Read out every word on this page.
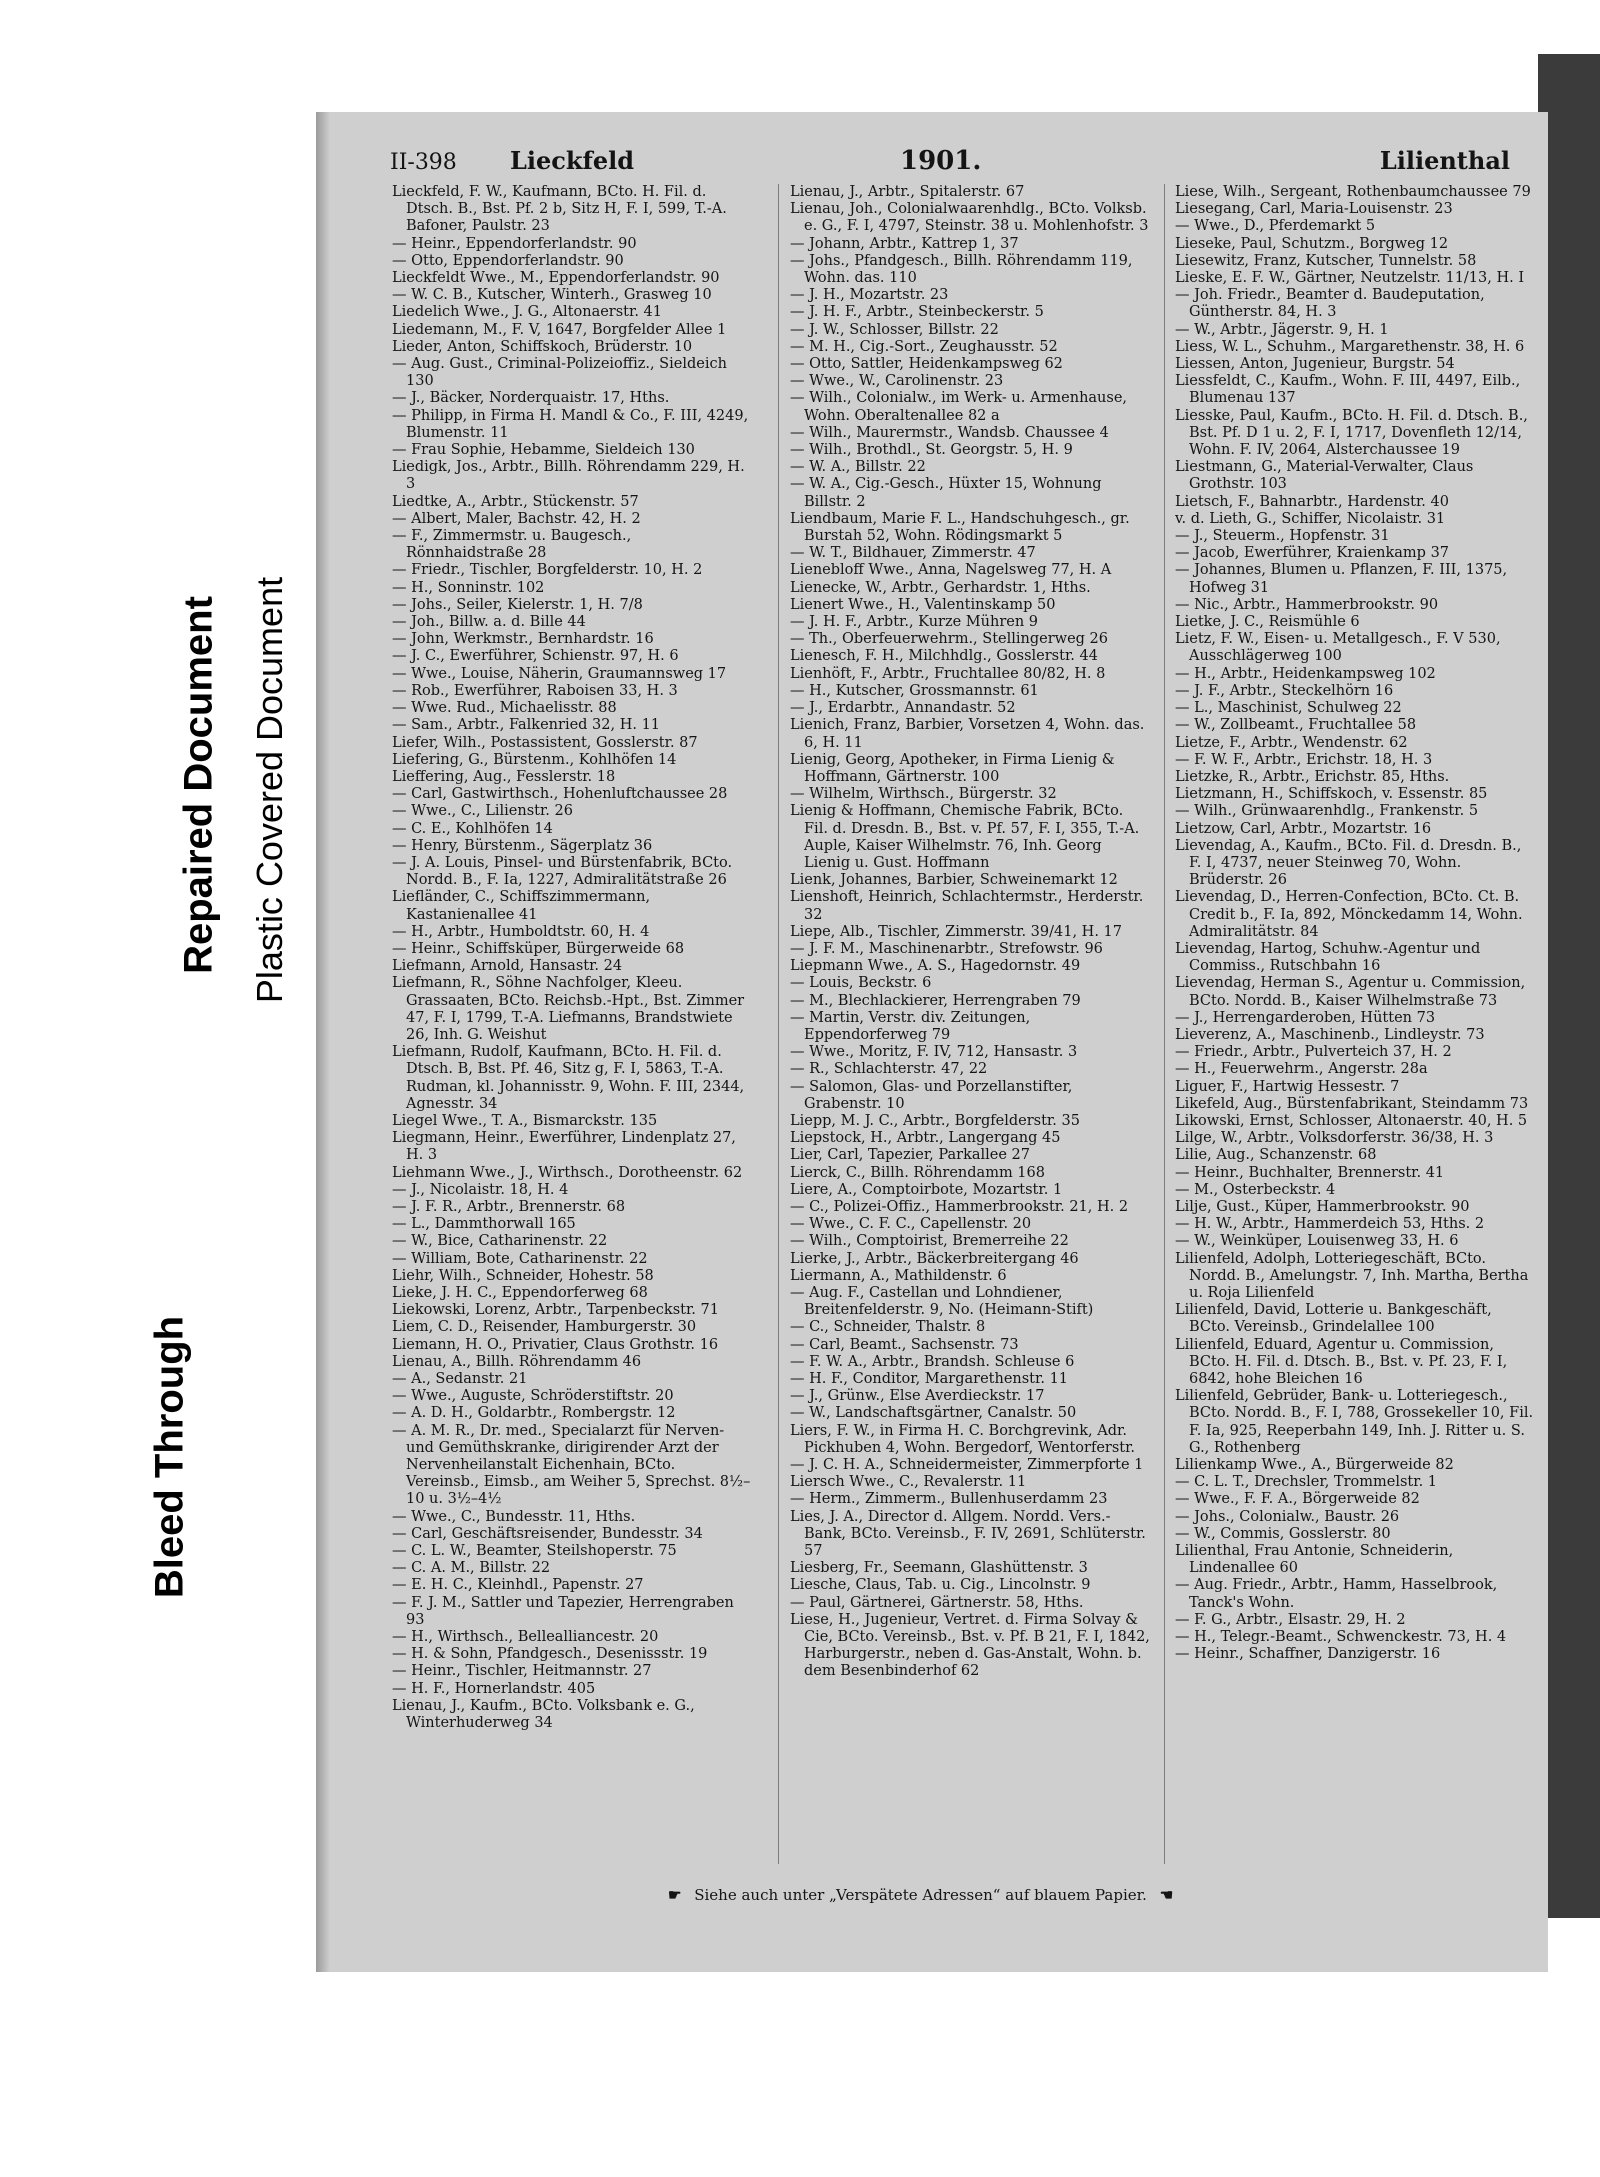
Bleed Through
Repaired Document Plastic Covered Document
II-398 Lieckfeld	1901.	Lilienthal

Lieckfeld, F. W., Kaufmann, BCto. H. Fil. d. Dtsch. B., Bst. Pf. 2 b, Sitz H, F. I, 599, T.-A. Bafoner, Paulstr. 23

— Heinr., Eppendorferlandstr. 90

— Otto, Eppendorferlandstr. 90

Lieckfeldt Wwe., M., Eppendorferlandstr. 90

— W. C. B., Kutscher, Winterh., Grasweg 10

Liedelich Wwe., J. G., Altonaerstr. 41

Liedemann, M., F. V, 1647, Borgfelder Allee 1

Lieder, Anton, Schiffskoch, Brüderstr. 10

— Aug. Gust., Criminal-Polizeioffiz., Sieldeich 130

— J., Bäcker, Norderquaistr. 17, Hths.

— Philipp, in Firma H. Mandl & Co., F. III, 4249, Blumenstr. 11

— Frau Sophie, Hebamme, Sieldeich 130

Liedigk, Jos., Arbtr., Billh. Röhrendamm 229, H. 3

Liedtke, A., Arbtr., Stückenstr. 57

— Albert, Maler, Bachstr. 42, H. 2

— F., Zimmermstr. u. Baugesch., Rönnhaidstraße 28

— Friedr., Tischler, Borgfelderstr. 10, H. 2

— H., Sonninstr. 102

— Johs., Seiler, Kielerstr. 1, H. 7/8

— Joh., Billw. a. d. Bille 44

— John, Werkmstr., Bernhardstr. 16

— J. C., Ewerführer, Schienstr. 97, H. 6

— Wwe., Louise, Näherin, Graumannsweg 17

— Rob., Ewerführer, Raboisen 33, H. 3

— Wwe. Rud., Michaelisstr. 88

— Sam., Arbtr., Falkenried 32, H. 11

Liefer, Wilh., Postassistent, Gosslerstr. 87

Liefering, G., Bürstenm., Kohlhöfen 14

Lieffering, Aug., Fesslerstr. 18

— Carl, Gastwirthsch., Hohenluftchaussee 28

— Wwe., C., Lilienstr. 26

— C. E., Kohlhöfen 14

— Henry, Bürstenm., Sägerplatz 36

— J. A. Louis, Pinsel- und Bürstenfabrik, BCto. Nordd. B., F. Ia, 1227, Admiralitätstraße 26

Liefländer, C., Schiffszimmermann, Kastanienallee 41

— H., Arbtr., Humboldtstr. 60, H. 4

— Heinr., Schiffsküper, Bürgerweide 68

Liefmann, Arnold, Hansastr. 24

Liefmann, R., Söhne Nachfolger, Kleeu. Grassaaten, BCto. Reichsb.-Hpt., Bst. Zimmer 47, F. I, 1799, T.-A. Liefmanns, Brandstwiete 26, Inh. G. Weishut

Liefmann, Rudolf, Kaufmann, BCto. H. Fil. d. Dtsch. B, Bst. Pf. 46, Sitz g, F. I, 5863, T.-A. Rudman, kl. Johannisstr. 9, Wohn. F. III, 2344, Agnesstr. 34

Liegel Wwe., T. A., Bismarckstr. 135

Liegmann, Heinr., Ewerführer, Lindenplatz 27, H. 3

Liehmann Wwe., J., Wirthsch., Dorotheenstr. 62

— J., Nicolaistr. 18, H. 4

— J. F. R., Arbtr., Brennerstr. 68

— L., Dammthorwall 165

— W., Bice, Catharinenstr. 22

— William, Bote, Catharinenstr. 22

Liehr, Wilh., Schneider, Hohestr. 58

Lieke, J. H. C., Eppendorferweg 68

Liekowski, Lorenz, Arbtr., Tarpenbeckstr. 71

Liem, C. D., Reisender, Hamburgerstr. 30

Liemann, H. O., Privatier, Claus Grothstr. 16

Lienau, A., Billh. Röhrendamm 46

— A., Sedanstr. 21

— Wwe., Auguste, Schröderstiftstr. 20

— A. D. H., Goldarbtr., Rombergstr. 12

— A. M. R., Dr. med., Specialarzt für Nerven- und Gemüthskranke, dirigirender Arzt der Nervenheilanstalt Eichenhain, BCto. Vereinsb., Eimsb., am Weiher 5, Sprechst. 8½–10 u. 3½–4½

— Wwe., C., Bundesstr. 11, Hths.

— Carl, Geschäftsreisender, Bundesstr. 34

— C. L. W., Beamter, Steilshoperstr. 75

— C. A. M., Billstr. 22

— E. H. C., Kleinhdl., Papenstr. 27

— F. J. M., Sattler und Tapezier, Herrengraben 93

— H., Wirthsch., Bellealliancestr. 20

— H. & Sohn, Pfandgesch., Desenissstr. 19

— Heinr., Tischler, Heitmannstr. 27

— H. F., Hornerlandstr. 405

Lienau, J., Kaufm., BCto. Volksbank e. G., Winterhuderweg 34

Lienau, J., Arbtr., Spitalerstr. 67

Lienau, Joh., Colonialwaarenhdlg., BCto. Volksb. e. G., F. I, 4797, Steinstr. 38 u. Mohlenhofstr. 3

— Johann, Arbtr., Kattrep 1, 37

— Johs., Pfandgesch., Billh. Röhrendamm 119, Wohn. das. 110

— J. H., Mozartstr. 23

— J. H. F., Arbtr., Steinbeckerstr. 5

— J. W., Schlosser, Billstr. 22

— M. H., Cig.-Sort., Zeughausstr. 52

— Otto, Sattler, Heidenkampsweg 62

— Wwe., W., Carolinenstr. 23

— Wilh., Colonialw., im Werk- u. Armenhause, Wohn. Oberaltenallee 82 a

— Wilh., Maurermstr., Wandsb. Chaussee 4

— Wilh., Brothdl., St. Georgstr. 5, H. 9

— W. A., Billstr. 22

— W. A., Cig.-Gesch., Hüxter 15, Wohnung Billstr. 2

Liendbaum, Marie F. L., Handschuhgesch., gr. Burstah 52, Wohn. Rödingsmarkt 5

— W. T., Bildhauer, Zimmerstr. 47

Lienebloff Wwe., Anna, Nagelsweg 77, H. A

Lienecke, W., Arbtr., Gerhardstr. 1, Hths.

Lienert Wwe., H., Valentinskamp 50

— J. H. F., Arbtr., Kurze Mühren 9

— Th., Oberfeuerwehrm., Stellingerweg 26

Lienesch, F. H., Milchhdlg., Gosslerstr. 44

Lienhöft, F., Arbtr., Fruchtallee 80/82, H. 8

— H., Kutscher, Grossmannstr. 61

— J., Erdarbtr., Annandastr. 52

Lienich, Franz, Barbier, Vorsetzen 4, Wohn. das. 6, H. 11

Lienig, Georg, Apotheker, in Firma Lienig & Hoffmann, Gärtnerstr. 100

— Wilhelm, Wirthsch., Bürgerstr. 32

Lienig & Hoffmann, Chemische Fabrik, BCto. Fil. d. Dresdn. B., Bst. v. Pf. 57, F. I, 355, T.-A. Auple, Kaiser Wilhelmstr. 76, Inh. Georg Lienig u. Gust. Hoffmann

Lienk, Johannes, Barbier, Schweinemarkt 12

Lienshoft, Heinrich, Schlachtermstr., Herderstr. 32

Liepe, Alb., Tischler, Zimmerstr. 39/41, H. 17

— J. F. M., Maschinenarbtr., Strefowstr. 96

Liepmann Wwe., A. S., Hagedornstr. 49

— Louis, Beckstr. 6

— M., Blechlackierer, Herrengraben 79

— Martin, Verstr. div. Zeitungen, Eppendorferweg 79

— Wwe., Moritz, F. IV, 712, Hansastr. 3

— R., Schlachterstr. 47, 22

— Salomon, Glas- und Porzellanstifter, Grabenstr. 10

Liepp, M. J. C., Arbtr., Borgfelderstr. 35

Liepstock, H., Arbtr., Langergang 45

Lier, Carl, Tapezier, Parkallee 27

Lierck, C., Billh. Röhrendamm 168

Liere, A., Comptoirbote, Mozartstr. 1

— C., Polizei-Offiz., Hammerbrookstr. 21, H. 2

— Wwe., C. F. C., Capellenstr. 20

— Wilh., Comptoirist, Bremerreihe 22

Lierke, J., Arbtr., Bäckerbreitergang 46

Liermann, A., Mathildenstr. 6

— Aug. F., Castellan und Lohndiener, Breitenfelderstr. 9, No. (Heimann-Stift)

— C., Schneider, Thalstr. 8

— Carl, Beamt., Sachsenstr. 73

— F. W. A., Arbtr., Brandsh. Schleuse 6

— H. F., Conditor, Margarethenstr. 11

— J., Grünw., Else Averdieckstr. 17

— W., Landschaftsgärtner, Canalstr. 50

Liers, F. W., in Firma H. C. Borchgrevink, Adr. Pickhuben 4, Wohn. Bergedorf, Wentorferstr.

— J. C. H. A., Schneidermeister, Zimmerpforte 1

Liersch Wwe., C., Revalerstr. 11

— Herm., Zimmerm., Bullenhuserdamm 23

Lies, J. A., Director d. Allgem. Nordd. Vers.-Bank, BCto. Vereinsb., F. IV, 2691, Schlüterstr. 57

Liesberg, Fr., Seemann, Glashüttenstr. 3

Liesche, Claus, Tab. u. Cig., Lincolnstr. 9

— Paul, Gärtnerei, Gärtnerstr. 58, Hths.

Liese, H., Jugenieur, Vertret. d. Firma Solvay & Cie, BCto. Vereinsb., Bst. v. Pf. B 21, F. I, 1842, Harburgerstr., neben d. Gas-Anstalt, Wohn. b. dem Besenbinderhof 62

Liese, Wilh., Sergeant, Rothenbaumchaussee 79

Liesegang, Carl, Maria-Louisenstr. 23

— Wwe., D., Pferdemarkt 5

Lieseke, Paul, Schutzm., Borgweg 12

Liesewitz, Franz, Kutscher, Tunnelstr. 58

Lieske, E. F. W., Gärtner, Neutzelstr. 11/13, H. I

— Joh. Friedr., Beamter d. Baudeputation, Güntherstr. 84, H. 3

— W., Arbtr., Jägerstr. 9, H. 1

Liess, W. L., Schuhm., Margarethenstr. 38, H. 6

Liessen, Anton, Jugenieur, Burgstr. 54

Liessfeldt, C., Kaufm., Wohn. F. III, 4497, Eilb., Blumenau 137

Liesske, Paul, Kaufm., BCto. H. Fil. d. Dtsch. B., Bst. Pf. D 1 u. 2, F. I, 1717, Dovenfleth 12/14, Wohn. F. IV, 2064, Alsterchaussee 19

Liestmann, G., Material-Verwalter, Claus Grothstr. 103

Lietsch, F., Bahnarbtr., Hardenstr. 40

v. d. Lieth, G., Schiffer, Nicolaistr. 31

— J., Steuerm., Hopfenstr. 31

— Jacob, Ewerführer, Kraienkamp 37

— Johannes, Blumen u. Pflanzen, F. III, 1375, Hofweg 31

— Nic., Arbtr., Hammerbrookstr. 90

Lietke, J. C., Reismühle 6

Lietz, F. W., Eisen- u. Metallgesch., F. V 530, Ausschlägerweg 100

— H., Arbtr., Heidenkampsweg 102

— J. F., Arbtr., Steckelhörn 16

— L., Maschinist, Schulweg 22

— W., Zollbeamt., Fruchtallee 58

Lietze, F., Arbtr., Wendenstr. 62

— F. W. F., Arbtr., Erichstr. 18, H. 3

Lietzke, R., Arbtr., Erichstr. 85, Hths.

Lietzmann, H., Schiffskoch, v. Essenstr. 85

— Wilh., Grünwaarenhdlg., Frankenstr. 5

Lietzow, Carl, Arbtr., Mozartstr. 16

Lievendag, A., Kaufm., BCto. Fil. d. Dresdn. B., F. I, 4737, neuer Steinweg 70, Wohn. Brüderstr. 26

Lievendag, D., Herren-Confection, BCto. Ct. B. Credit b., F. Ia, 892, Mönckedamm 14, Wohn. Admiralitätstr. 84

Lievendag, Hartog, Schuhw.-Agentur und Commiss., Rutschbahn 16

Lievendag, Herman S., Agentur u. Commission, BCto. Nordd. B., Kaiser Wilhelmstraße 73

— J., Herrengarderoben, Hütten 73

Lieverenz, A., Maschinenb., Lindleystr. 73

— Friedr., Arbtr., Pulverteich 37, H. 2

— H., Feuerwehrm., Angerstr. 28a

Liguer, F., Hartwig Hessestr. 7

Likefeld, Aug., Bürstenfabrikant, Steindamm 73

Likowski, Ernst, Schlosser, Altonaerstr. 40, H. 5

Lilge, W., Arbtr., Volksdorferstr. 36/38, H. 3

Lilie, Aug., Schanzenstr. 68

— Heinr., Buchhalter, Brennerstr. 41

— M., Osterbeckstr. 4

Lilje, Gust., Küper, Hammerbrookstr. 90

— H. W., Arbtr., Hammerdeich 53, Hths. 2

— W., Weinküper, Louisenweg 33, H. 6

Lilienfeld, Adolph, Lotteriegeschäft, BCto. Nordd. B., Amelungstr. 7, Inh. Martha, Bertha u. Roja Lilienfeld

Lilienfeld, David, Lotterie u. Bankgeschäft, BCto. Vereinsb., Grindelallee 100

Lilienfeld, Eduard, Agentur u. Commission, BCto. H. Fil. d. Dtsch. B., Bst. v. Pf. 23, F. I, 6842, hohe Bleichen 16

Lilienfeld, Gebrüder, Bank- u. Lotteriegesch., BCto. Nordd. B., F. I, 788, Grossekeller 10, Fil. F. Ia, 925, Reeperbahn 149, Inh. J. Ritter u. S. G., Rothenberg

Lilienkamp Wwe., A., Bürgerweide 82

— C. L. T., Drechsler, Trommelstr. 1

— Wwe., F. F. A., Börgerweide 82

— Johs., Colonialw., Baustr. 26

— W., Commis, Gosslerstr. 80

Lilienthal, Frau Antonie, Schneiderin, Lindenallee 60

— Aug. Friedr., Arbtr., Hamm, Hasselbrook, Tanck's Wohn.

— F. G., Arbtr., Elsastr. 29, H. 2

— H., Telegr.-Beamt., Schwenckestr. 73, H. 4

— Heinr., Schaffner, Danzigerstr. 16

☛ Siehe auch unter „Verspätete Adressen“ auf blauem Papier. ☚
